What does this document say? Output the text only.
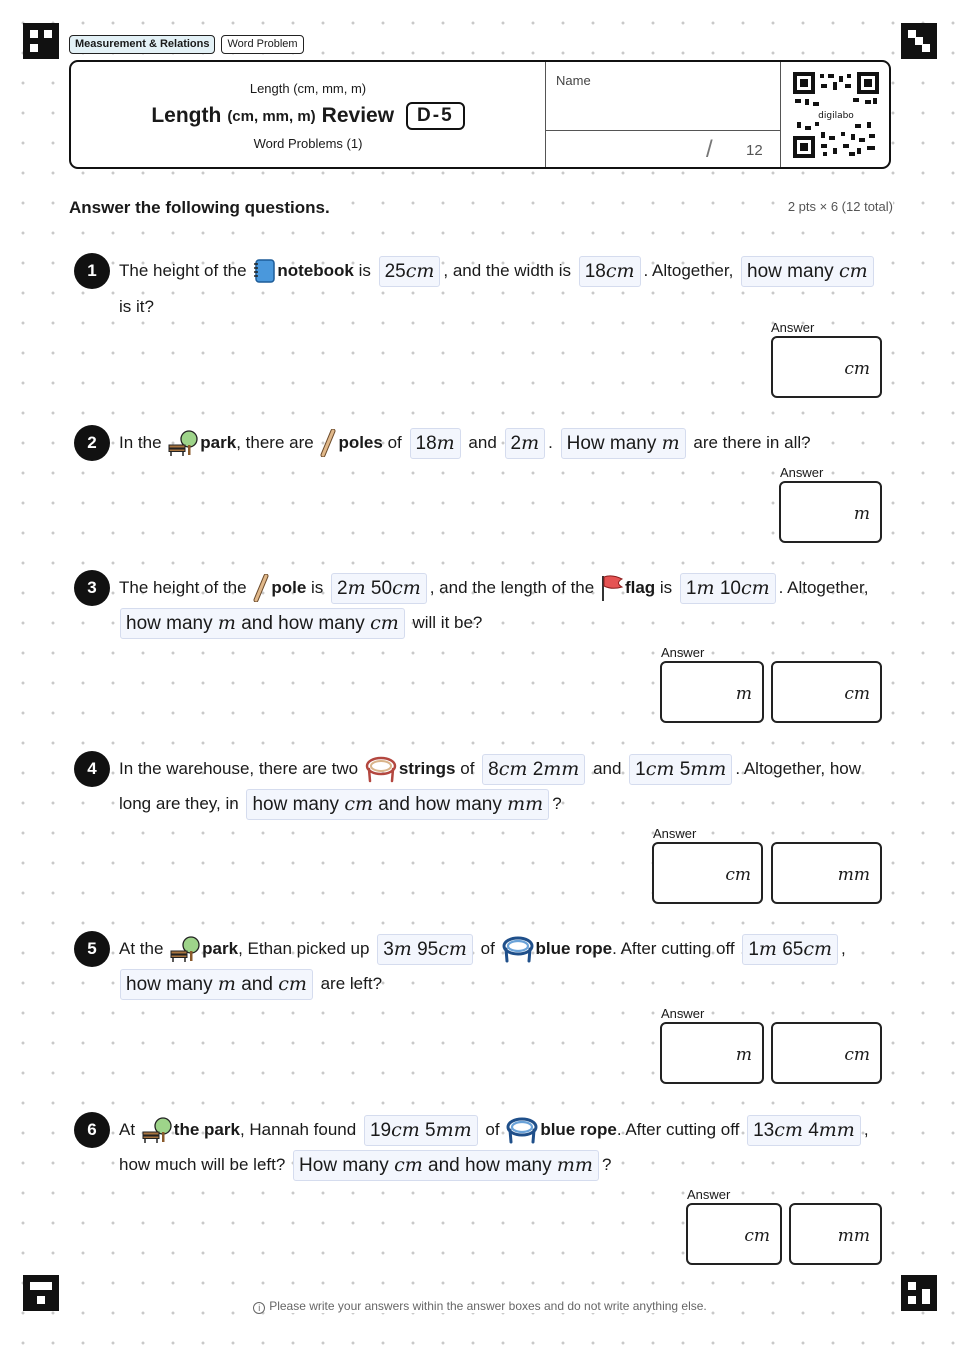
Measurement & Relations	Word Problem
Length (cm, mm, m)
Length (cm, mm, m) Review	D-5
Word Problems (1)
Name
/ 12
digilabo
Answer the following questions.	2 pts × 6 (12 total)
1	The height of the
notebook
is
25cm , and the width is
18cm . Altogether,
how many cm
is it?
Answer
cm
2	In the
park , there are
poles
of
18m
and
2m .
How many m
are there in all?
Answer
m
3	The height of the
pole
is
2m 50cm , and the length of the
flag
is
1m 10cm . Altogether,
how many m and how many cm
will it be?
Answer
m	cm
4	In the warehouse, there are two
strings
of
8cm 2mm
and
1cm 5mm . Altogether, how
long are they, in
how many cm and how many mm ?
Answer
cm	mm
5	At the
park , Ethan picked up
3m 95cm
of
blue rope . After cutting off
1m 65cm ,
how many m and cm
are left?
Answer
m	cm
6	At
the park , Hannah found
19cm 5mm
of
blue rope . After cutting off
13cm 4mm ,
how much will be left?
How many cm and how many mm ?
Answer
cm	mm
i Please write your answers within the answer boxes and do not write anything else.
